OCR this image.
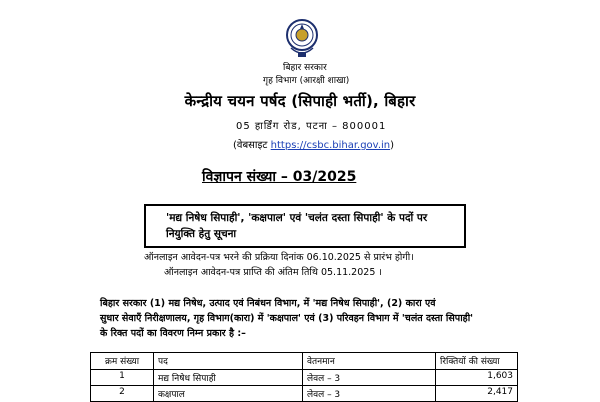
बिहार सरकार
गृह विभाग (आरक्षी शाखा)
केन्द्रीय चयन पर्षद (सिपाही भर्ती), बिहार
05 हार्डिंग रोड, पटना – 800001
(वेबसाइट https://csbc.bihar.gov.in)
विज्ञापन संख्या – 03/2025
'मद्य निषेध सिपाही', 'कक्षपाल' एवं 'चलंत दस्ता सिपाही' के पदों पर
नियुक्ति हेतु सूचना
ऑनलाइन आवेदन-पत्र भरने की प्रक्रिया दिनांक 06.10.2025 से प्रारंभ होगी।
ऑनलाइन आवेदन-पत्र प्राप्ति की अंतिम तिथि 05.11.2025 ।
बिहार सरकार (1) मद्य निषेध, उत्पाद एवं निबंधन विभाग, में 'मद्य निषेध सिपाही', (2) कारा एवं
सुधार सेवाएँ निरीक्षणालय, गृह विभाग(कारा) में 'कक्षपाल' एवं (3) परिवहन विभाग में 'चलंत दस्ता सिपाही'
के रिक्त पदों का विवरण निम्न प्रकार है :–
क्रम संख्या	पद	वेतनमान	रिक्तियों की संख्या
1	मद्य निषेध सिपाही	लेवल – 3	1,603
2	कक्षपाल	लेवल – 3	2,417
